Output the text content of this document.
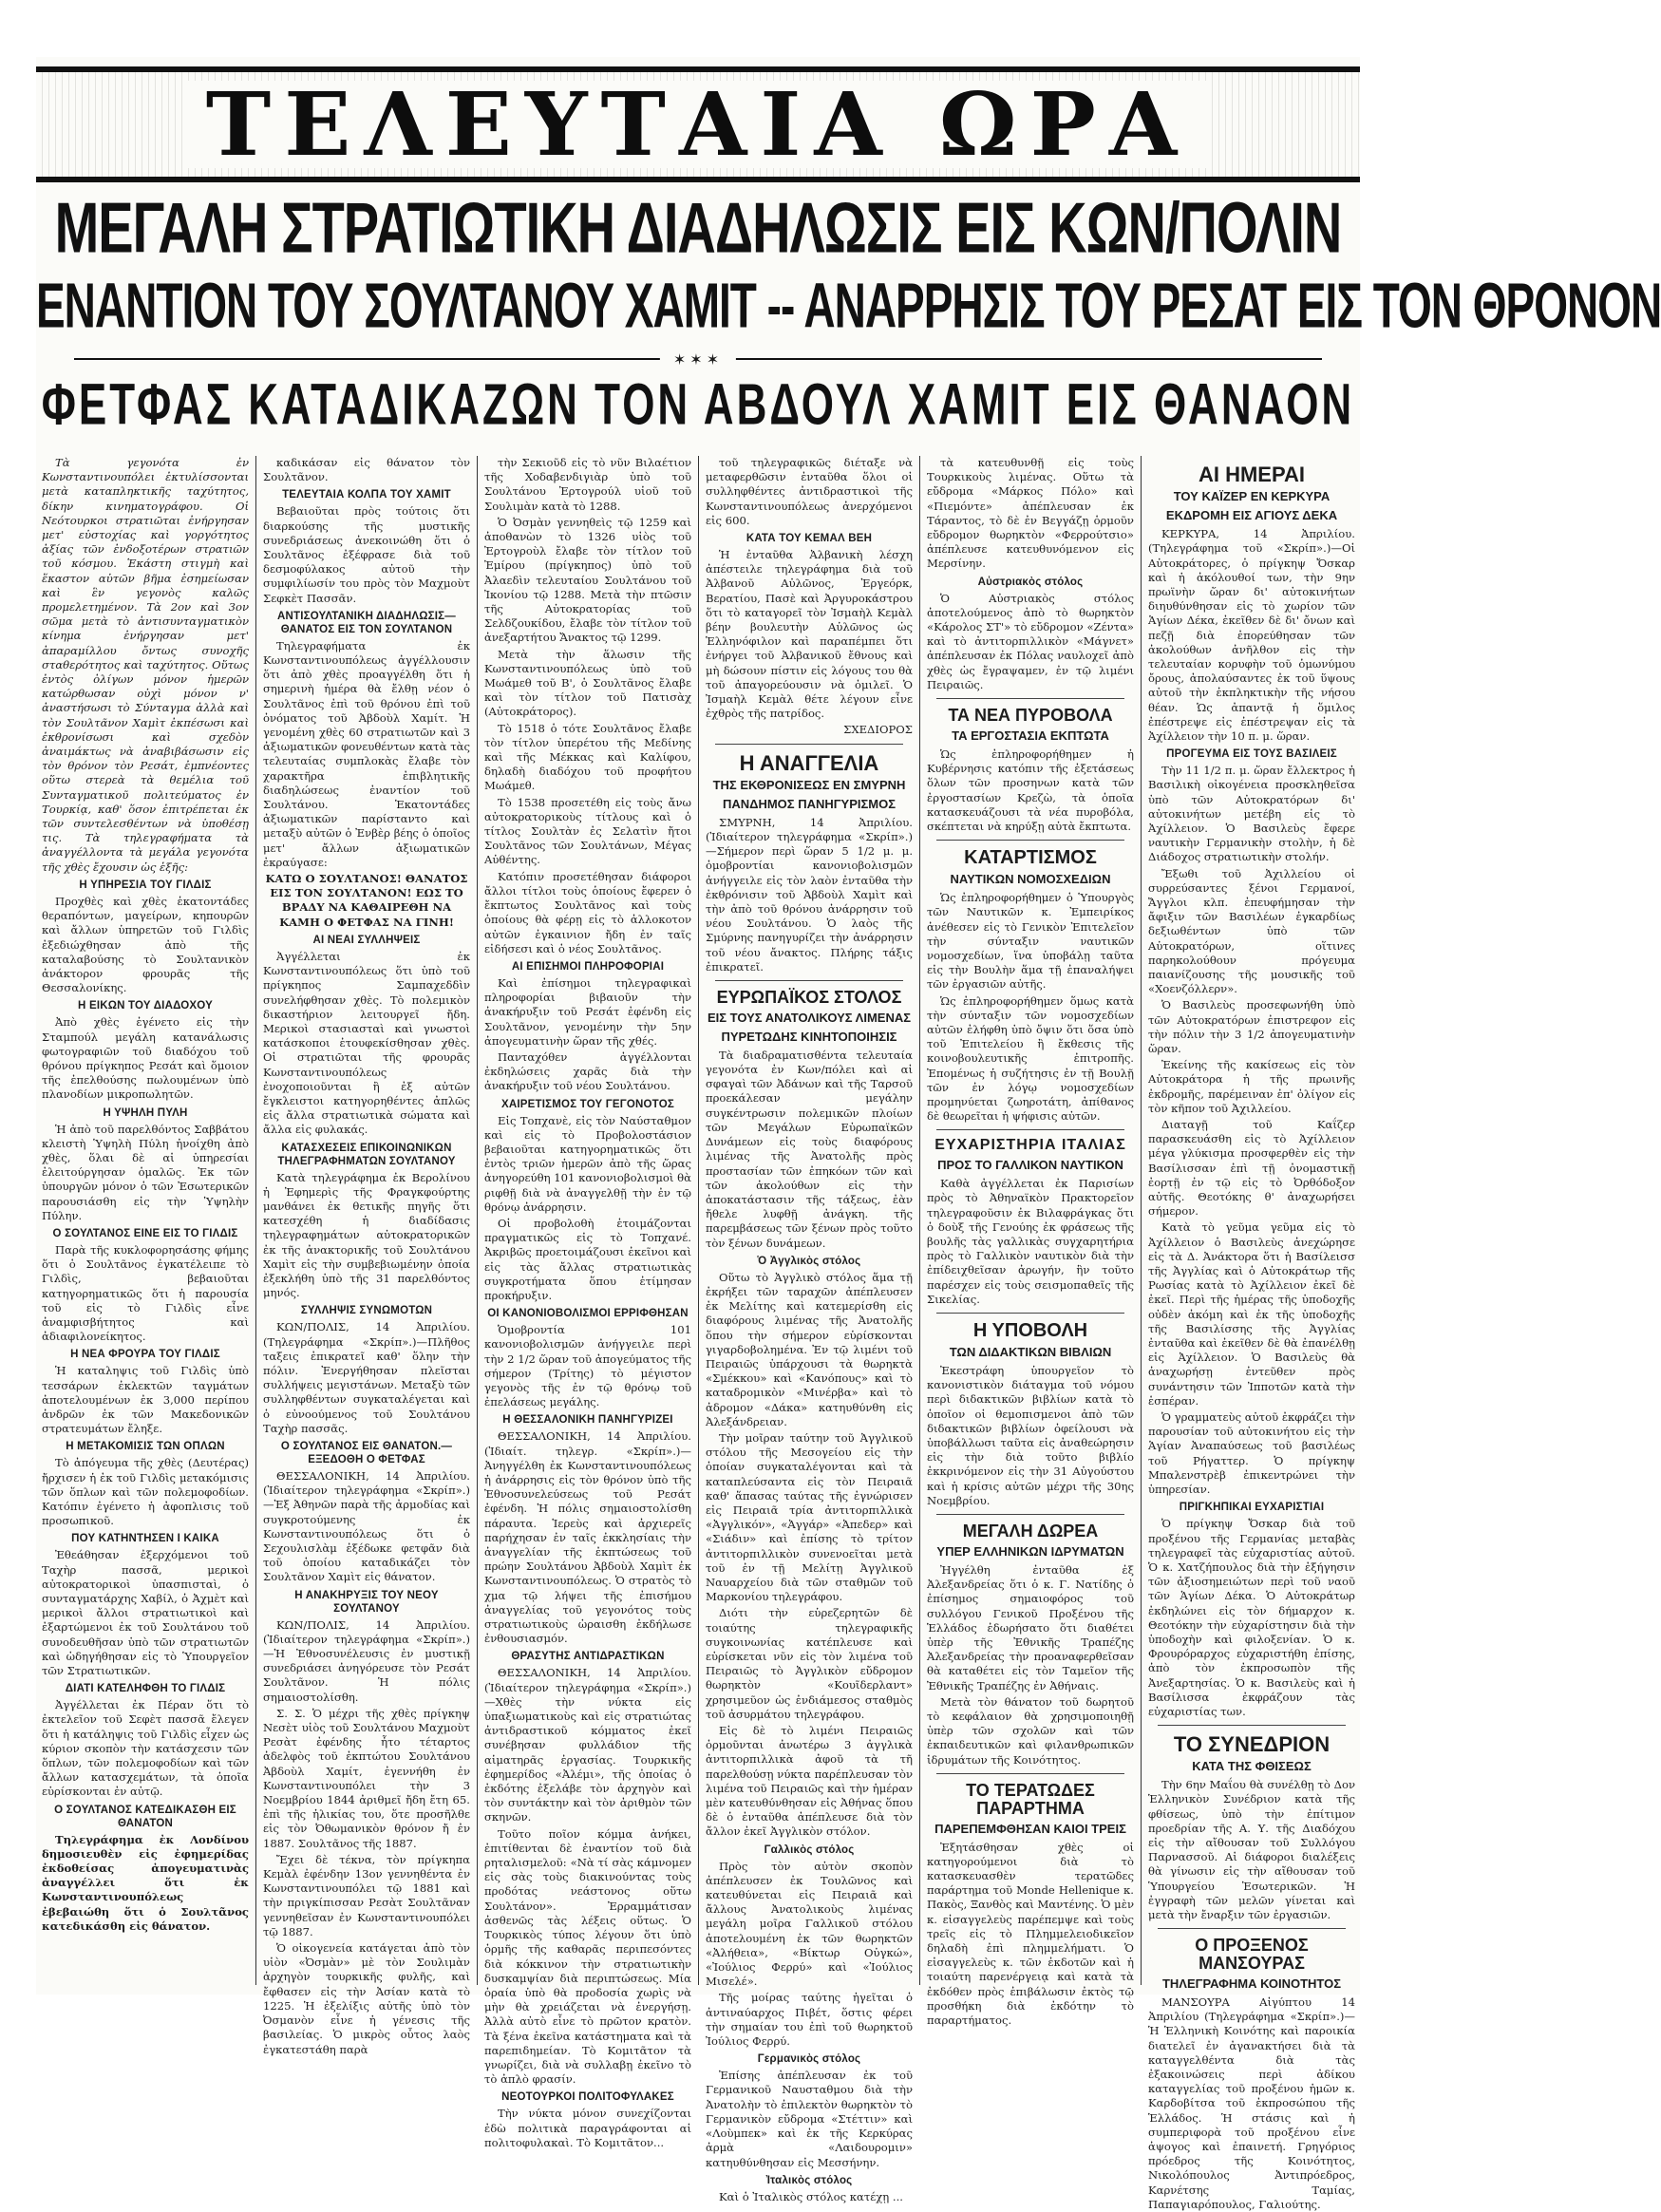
ΤΕΛΕΥΤΑΙΑ ΩΡΑ
ΜΕΓΑΛΗ ΣΤΡΑΤΙΩΤΙΚΗ ΔΙΑΔΗΛΩΣΙΣ ΕΙΣ ΚΩΝ/ΠΟΛΙΝ
ΕΝΑΝΤΙΟΝ ΤΟΥ ΣΟΥΛΤΑΝΟΥ ΧΑΜΙΤ -- ΑΝΑΡΡΗΣΙΣ ΤΟΥ ΡΕΣΑΤ ΕΙΣ ΤΟΝ ΘΡΟΝΟΝ
✶✶✶
ΦΕΤΦΑΣ ΚΑΤΑΔΙΚΑΖΩΝ ΤΟΝ ΑΒΔΟΥΛ ΧΑΜΙΤ ΕΙΣ ΘΑΝΑΟΝ

Τὰ γεγονότα ἐν Κωνσταντινουπόλει ἐκτυλίσσονται μετὰ καταπληκτικῆς ταχύτητος, δίκην κινηματογράφου. Οἱ Νεότουρκοι στρατιῶται ἐνήργησαν μετ' εὐστοχίας καὶ γοργότητος ἀξίας τῶν ἐνδοξοτέρων στρατιῶν τοῦ κόσμου. Ἑκάστη στιγμὴ καὶ ἕκαστον αὐτῶν βῆμα ἐσημείωσαν καὶ ἓν γεγονὸς καλῶς προμελετημένον. Τὰ 2ον καὶ 3ον σῶμα μετὰ τὸ ἀντισυνταγματικὸν κίνημα ἐνήργησαν μετ' ἀπαραμίλλου ὄντως συνοχῆς σταθερότητος καὶ ταχύτητος. Οὕτως ἐντὸς ὀλίγων μόνον ἡμερῶν κατώρθωσαν οὐχὶ μόνον ν' ἀναστήσωσι τὸ Σύνταγμα ἀλλὰ καὶ τὸν Σουλτᾶνον Χαμὶτ ἐκπέσωσι καὶ ἐκθρονίσωσι καὶ σχεδὸν ἀναιμάκτως νὰ ἀναβιβάσωσιν εἰς τὸν θρόνον τὸν Ρεσάτ, ἐμπνέοντες οὕτω στερεὰ τὰ θεμέλια τοῦ Συνταγματικοῦ πολιτεύματος ἐν Τουρκίᾳ, καθ' ὅσον ἐπιτρέπεται ἐκ τῶν συντελεσθέντων νὰ ὑποθέσῃ τις. Τὰ τηλεγραφήματα τὰ ἀναγγέλλοντα τὰ μεγάλα γεγονότα τῆς χθὲς ἔχουσιν ὡς ἑξῆς:

Η ΥΠΗΡΕΣΙΑ ΤΟΥ ΓΙΛΔΙΣ

Προχθὲς καὶ χθὲς ἑκατοντάδες θεραπόντων, μαγείρων, κηπουρῶν καὶ ἄλλων ὑπηρετῶν τοῦ Γιλδὶς ἐξεδιώχθησαν ἀπὸ τῆς καταλαβούσης τὸ Σουλτανικὸν ἀνάκτορον φρουρᾶς τῆς Θεσσαλονίκης.

Η ΕΙΚΩΝ ΤΟΥ ΔΙΑΔΟΧΟΥ

Ἀπὸ χθὲς ἐγένετο εἰς τὴν Σταμπούλ μεγάλη κατανάλωσις φωτογραφιῶν τοῦ διαδόχου τοῦ θρόνου πρίγκηπος Ρεσάτ καὶ ὅμοιον τῆς ἐπελθούσης πωλουμένων ὑπὸ πλανοδίων μικροπωλητῶν.

Η ΥΨΗΛΗ ΠΥΛΗ

Ἡ ἀπὸ τοῦ παρελθόντος Σαββάτου κλειστὴ Ὑψηλὴ Πύλη ἠνοίχθη ἀπὸ χθὲς, ὅλαι δὲ αἱ ὑπηρεσίαι ἐλειτούργησαν ὁμαλῶς. Ἐκ τῶν ὑπουργῶν μόνον ὁ τῶν Ἐσωτερικῶν παρουσιάσθη εἰς τὴν Ὑψηλὴν Πύλην.

Ο ΣΟΥΛΤΑΝΟΣ ΕΙΝΕ ΕΙΣ ΤΟ ΓΙΛΔΙΣ

Παρὰ τῆς κυκλοφορησάσης φήμης ὅτι ὁ Σουλτᾶνος ἐγκατέλειπε τὸ Γιλδὶς, βεβαιοῦται κατηγορηματικῶς ὅτι ἡ παρουσία τοῦ εἰς τὸ Γιλδὶς εἶνε ἀναμφισβήτητος καὶ ἀδιαφιλονείκητος.

Η ΝΕΑ ΦΡΟΥΡΑ ΤΟΥ ΓΙΛΔΙΣ

Ἡ καταληψις τοῦ Γιλδὶς ὑπὸ τεσσάρων ἐκλεκτῶν ταγμάτων ἀποτελουμένων ἐκ 3,000 περίπου ἀνδρῶν ἐκ τῶν Μακεδονικῶν στρατευμάτων ἔληξε.

Η ΜΕΤΑΚΟΜΙΣΙΣ ΤΩΝ ΟΠΛΩΝ

Τὸ ἀπόγευμα τῆς χθὲς (Δευτέρας) ἤρχισεν ἡ ἐκ τοῦ Γιλδὶς μετακόμισις τῶν ὅπλων καὶ τῶν πολεμοφοδίων. Κατόπιν ἐγένετο ἡ ἀφοπλισις τοῦ προσωπικοῦ.

ΠΟΥ ΚΑΤΗΝΤΗΣΕΝ Ι ΚΑΙΚΑ

Ἐθεάθησαν ἐξερχόμενοι τοῦ Ταχὴρ πασσᾶ, μερικοὶ αὐτοκρατορικοὶ ὑπασπισταὶ, ὁ συνταγματάρχης Χαβίλ, ὁ Ἀχμὲτ καὶ μερικοὶ ἄλλοι στρατιωτικοὶ καὶ ἐξαρτώμενοι ἐκ τοῦ Σουλτάνου τοῦ συνοδευθῆσαν ὑπὸ τῶν στρατιωτῶν καὶ ὡδηγήθησαν εἰς τὸ Ὑπουργεῖον τῶν Στρατιωτικῶν.

ΔΙΑΤΙ ΚΑΤΕΛΗΦΘΗ ΤΟ ΓΙΛΔΙΣ

Ἀγγέλλεται ἐκ Πέραν ὅτι τὸ ἐκτελεῖον τοῦ Σεφὲτ πασσᾶ ἔλεγεν ὅτι ἡ κατάληψις τοῦ Γιλδὶς εἶχεν ὡς κύριον σκοπὸν τὴν κατάσχεσιν τῶν ὅπλων, τῶν πολεμοφοδίων καὶ τῶν ἄλλων κατασχεμάτων, τὰ ὁποῖα εὑρίσκονται ἐν αὐτῷ.

Ο ΣΟΥΛΤΑΝΟΣ ΚΑΤΕΔΙΚΑΣΘΗ ΕΙΣ ΘΑΝΑΤΟΝ

Τηλεγράφημα ἐκ Λονδίνου δημοσιευθὲν εἰς ἐφημερίδας ἐκδοθείσας ἀπογευματινὰς ἀναγγέλλει ὅτι ἐκ Κωνσταντινουπόλεως ἐβεβαιώθη ὅτι ὁ Σουλτᾶνος κατεδικάσθη εἰς θάνατον.

καδικάσαν εἰς θάνατον τὸν Σουλτᾶνον.

ΤΕΛΕΥΤΑΙΑ ΚΟΛΠΑ ΤΟΥ ΧΑΜΙΤ

Βεβαιοῦται πρὸς τούτοις ὅτι διαρκούσης τῆς μυστικῆς συνεδριάσεως ἀνεκοινώθη ὅτι ὁ Σουλτᾶνος ἐξέφρασε διὰ τοῦ δεσμοφύλακος αὐτοῦ τὴν συμφιλίωσίν του πρὸς τὸν Μαχμοὺτ Σεφκὲτ Πασσᾶν.

ΑΝΤΙΣΟΥΛΤΑΝΙΚΗ ΔΙΑΔΗΛΩΣΙΣ—ΘΑΝΑΤΟΣ ΕΙΣ ΤΟΝ ΣΟΥΛΤΑΝΟΝ

Τηλεγραφήματα ἐκ Κωνσταντινουπόλεως ἀγγέλλουσιν ὅτι ἀπὸ χθὲς προαγγέλθη ὅτι ἡ σημερινὴ ἡμέρα θὰ ἔλθῃ νέον ὁ Σουλτᾶνος ἐπὶ τοῦ θρόνου ἐπὶ τοῦ ὀνόματος τοῦ Ἀβδοὺλ Χαμίτ. Ἡ γενομένη χθὲς 60 στρατιωτῶν καὶ 3 ἀξιωματικῶν φονευθέντων κατὰ τὰς τελευταίας συμπλοκὰς ἔλαβε τὸν χαρακτῆρα ἐπιβλητικῆς διαδηλώσεως ἐναντίον τοῦ Σουλτάνου. Ἑκατοντάδες ἀξιωματικῶν παρίσταντο καὶ μεταξὺ αὐτῶν ὁ Ἐνβὲρ βέης ὁ ὁποῖος μετ' ἄλλων ἀξιωματικῶν ἐκραύγασε:

ΚΑΤΩ Ο ΣΟΥΛΤΑΝΟΣ! ΘΑΝΑΤΟΣ ΕΙΣ ΤΟΝ ΣΟΥΛΤΑΝΟΝ! ΕΩΣ ΤΟ ΒΡΑΔΥ ΝΑ ΚΑΘΑΙΡΕΘΗ ΝΑ ΚΑΜΗ Ο ΦΕΤΦΑΣ ΝΑ ΓΙΝΗ!

ΑΙ ΝΕΑΙ ΣΥΛΛΗΨΕΙΣ

Ἀγγέλλεται ἐκ Κωνσταντινουπόλεως ὅτι ὑπὸ τοῦ πρίγκηπος Σαμπαχεδδὶν συνελήφθησαν χθὲς. Τὸ πολεμικὸν δικαστήριον λειτουργεῖ ἤδη. Μερικοὶ στασιασταὶ καὶ γνωστοὶ κατάσκοποι ἐτουφεκίσθησαν χθὲς. Οἱ στρατιῶται τῆς φρουρᾶς Κωνσταντινουπόλεως ἐνοχοποιοῦνται ἢ ἐξ αὐτῶν ἔγκλειστοι κατηγορηθέντες ἀπλῶς εἰς ἄλλα στρατιωτικὰ σώματα καὶ ἄλλα εἰς φυλακάς.

ΚΑΤΑΣΧΕΣΕΙΣ ΕΠΙΚΟΙΝΩΝΙΚΩΝ ΤΗΛΕΓΡΑΦΗΜΑΤΩΝ ΣΟΥΛΤΑΝΟΥ

Κατὰ τηλεγράφημα ἐκ Βερολίνου ἡ Ἐφημερὶς τῆς Φραγκφούρτης μανθάνει ἐκ θετικῆς πηγῆς ὅτι κατεσχέθη ἡ διαδίδασις τηλεγραφημάτων αὐτοκρατορικῶν ἐκ τῆς ἀνακτορικῆς τοῦ Σουλτάνου Χαμὶτ εἰς τὴν συμβεβιωμένην ὁποία ἐξεκλήθη ὑπὸ τῆς 31 παρελθόντος μηνός.

ΣΥΛΛΗΨΙΣ ΣΥΝΩΜΟΤΩΝ

ΚΩΝ/ΠΟΛΙΣ, 14 Ἀπριλίου. (Τηλεγράφημα «Σκρίπ».)—Πλῆθος ταξεις ἐπικρατεῖ καθ' ὅλην τὴν πόλιν. Ἐνεργήθησαν πλεῖσται συλλήψεις μεγιστάνων. Μεταξὺ τῶν συλληφθέντων συγκαταλέγεται καὶ ὁ εὐνοούμενος τοῦ Σουλτάνου Ταχὴρ πασσᾶς.

Ο ΣΟΥΛΤΑΝΟΣ ΕΙΣ ΘΑΝΑΤΟΝ.—ΕΞΕΔΟΘΗ Ο ΦΕΤΦΑΣ

ΘΕΣΣΑΛΟΝΙΚΗ, 14 Ἀπριλίου. (Ἰδιαίτερον τηλεγράφημα «Σκρίπ».)—Ἐξ Ἀθηνῶν παρὰ τῆς ἀρμοδίας καὶ συγκροτούμενης ἐκ Κωνσταντινουπόλεως ὅτι ὁ Σεχουλισλὰμ ἐξέδωκε φετφᾶν διὰ τοῦ ὁποίου καταδικάζει τὸν Σουλτᾶνον Χαμὶτ εἰς θάνατον.

Η ΑΝΑΚΗΡΥΞΙΣ ΤΟΥ ΝΕΟΥ ΣΟΥΛΤΑΝΟΥ

ΚΩΝ/ΠΟΛΙΣ, 14 Ἀπριλίου. (Ἰδιαίτερον τηλεγράφημα «Σκρίπ».)—Ἡ Ἐθνοσυνέλευσις ἐν μυστικῇ συνεδριάσει ἀνηγόρευσε τὸν Ρεσάτ Σουλτᾶνον. Ἡ πόλις σημαιοστολίσθη.

Σ. Σ. Ὁ μέχρι τῆς χθὲς πρίγκηψ Νεσὲτ υἱὸς τοῦ Σουλτάνου Μαχμοὺτ Ρεσὰτ ἐφένδης ἦτο τέταρτος ἀδελφὸς τοῦ ἐκπτώτου Σουλτάνου Ἀβδοὺλ Χαμίτ, ἐγεννήθη ἐν Κωνσταντινουπόλει τὴν 3 Νοεμβρίου 1844 ἀριθμεῖ ἤδη ἔτη 65. ἐπὶ τῆς ἡλικίας του, ὅτε προσῆλθε εἰς τὸν Ὀθωμανικὸν θρόνον ἤ ἐν 1887. Σουλτᾶνος τῆς 1887.

Ἔχει δὲ τέκνα, τὸν πρίγκηπα Κεμὰλ ἐφένδην 13ον γεννηθέντα ἐν Κωνσταντινουπόλει τῷ 1881 καὶ τὴν πριγκίπισσαν Ρεσὰτ Σουλτᾶναν γεννηθεῖσαν ἐν Κωνσταντινουπόλει τῷ 1887.

Ὁ οἰκογενεία κατάγεται ἀπὸ τὸν υἱὸν «Ὀσμὰν» μὲ τὸν Σουλιμὰν ἀρχηγὸν τουρκικῆς φυλῆς, καὶ ἔφθασεν εἰς τὴν Ἀσίαν κατὰ τὸ 1225. Ἡ ἐξελίξις αὐτῆς ὑπὸ τὸν Ὀσμανὸν εἶνε ἡ γένεσις τῆς βασιλείας. Ὁ μικρὸς οὗτος λαὸς ἐγκατεστάθη παρὰ

τὴν Σεκιοῦδ εἰς τὸ νῦν Βιλαέτιον τῆς Χοδαβενδιγιὰρ ὑπὸ τοῦ Σουλτάνου Ἐρτογρούλ υἱοῦ τοῦ Σουλιμὰν κατὰ τὸ 1288.

Ὁ Ὀσμὰν γεννηθεὶς τῷ 1259 καὶ ἀποθανὼν τὸ 1326 υἱὸς τοῦ Ἐρτογροὺλ ἔλαβε τὸν τίτλον τοῦ Ἐμίρου (πρίγκηπος) ὑπὸ τοῦ Ἀλαεδὶν τελευταίου Σουλτάνου τοῦ Ἰκονίου τῷ 1288. Μετὰ τὴν πτῶσιν τῆς Αὐτοκρατορίας τοῦ Σελδζουκίδου, ἔλαβε τὸν τίτλον τοῦ ἀνεξαρτήτου Ἄνακτος τῷ 1299.

Μετὰ τὴν ἅλωσιν τῆς Κωνσταντινουπόλεως ὑπὸ τοῦ Μωάμεθ τοῦ Β', ὁ Σουλτᾶνος ἔλαβε καὶ τὸν τίτλον τοῦ Πατισὰχ (Αὐτοκράτορος).

Τὸ 1518 ὁ τότε Σουλτᾶνος ἔλαβε τὸν τίτλον ὑπερέτου τῆς Μεδίνης καὶ τῆς Μέκκας καὶ Καλίφου, δηλαδὴ διαδόχου τοῦ προφήτου Μωάμεθ.

Τὸ 1538 προσετέθη εἰς τοὺς ἄνω αὐτοκρατορικοὺς τίτλους καὶ ὁ τίτλος Σουλτὰν ἐς Σελατὶν ἤτοι Σουλτᾶνος τῶν Σουλτάνων, Μέγας Αὐθέντης.

Κατόπιν προσετέθησαν διάφοροι ἄλλοι τίτλοι τοὺς ὁποίους ἔφερεν ὁ ἔκπτωτος Σουλτᾶνος καὶ τοὺς ὁποίους θὰ φέρῃ εἰς τὸ ἀλλοκοτον αὐτῶν ἐγκαινιον ἤδη ἐν ταῖς εἰδήσεσι καὶ ὁ νέος Σουλτᾶνος.

ΑΙ ΕΠΙΣΗΜΟΙ ΠΛΗΡΟΦΟΡΙΑΙ

Καὶ ἐπίσημοι τηλεγραφικαὶ πληροφορίαι βιβαιοῦν τὴν ἀνακήρυξιν τοῦ Ρεσάτ ἐφένδη εἰς Σουλτᾶνον, γενομένην τὴν 5ην ἀπογευματινὴν ὥραν τῆς χθές.

Πανταχόθεν ἀγγέλλονται ἐκδηλώσεις χαρᾶς διὰ τὴν ἀνακήρυξιν τοῦ νέου Σουλτάνου.

ΧΑΙΡΕΤΙΣΜΟΣ ΤΟΥ ΓΕΓΟΝΟΤΟΣ

Εἰς Τοπχανὲ, εἰς τὸν Ναύσταθμον καὶ εἰς τὸ Προβολοστάσιον βεβαιοῦται κατηγορηματικῶς ὅτι ἐντὸς τριῶν ἡμερῶν ἀπὸ τῆς ὥρας ἀνηγορεύθη 101 κανονιοβολισμοὶ θὰ ριφθῇ διὰ νὰ ἀναγγελθῇ τὴν ἐν τῷ θρόνῳ ἀνάρρησιν.

Οἱ προβολοθὴ ἑτοιμάζονται πραγματικῶς εἰς τὸ Τοπχανέ. Ἀκριβῶς προετοιμάζουσι ἐκεῖνοι καὶ εἰς τὰς ἄλλας στρατιωτικὰς συγκροτήματα ὅπου ἐτίμησαν προκήρυξιν.

ΟΙ ΚΑΝΟΝΙΟΒΟΛΙΣΜΟΙ ΕΡΡΙΦΘΗΣΑΝ

Ὁμοβροντία 101 κανονιοβολισμῶν ἀνήγγειλε περὶ τὴν 2 1/2 ὥραν τοῦ ἀπογεύματος τῆς σήμερον (Τρίτης) τὸ μέγιστον γεγονὸς τῆς ἐν τῷ θρόνῳ τοῦ ἐπελάσεως μεγάλης.

Η ΘΕΣΣΑΛΟΝΙΚΗ ΠΑΝΗΓΥΡΙΖΕΙ

ΘΕΣΣΑΛΟΝΙΚΗ, 14 Ἀπριλίου. (Ἰδιαίτ. τηλεγρ. «Σκρίπ».)—Ἀνηγγέλθη ἐκ Κωνσταντινουπόλεως ἡ ἀνάρρησις εἰς τὸν θρόνον ὑπὸ τῆς Ἐθνοσυνελεύσεως τοῦ Ρεσάτ ἐφένδη. Ἡ πόλις σημαιοστολίσθη πάραυτα. Ἱερεὺς καὶ ἀρχιερεῖς παρήχησαν ἐν ταῖς ἐκκλησίαις τὴν ἀναγγελίαν τῆς ἐκπτώσεως τοῦ πρώην Σουλτάνου Ἀβδοὺλ Χαμὶτ ἐκ Κωνσταντινουπόλεως. Ὁ στρατὸς τὸ χμα τῷ λήψει τῆς ἐπισήμου ἀναγγελίας τοῦ γεγονότος τοὺς στρατιωτικοὺς ὡραισθη ἐκδήλωσε ἐνθουσιασμόν.

ΘΡΑΣΥΤΗΣ ΑΝΤΙΔΡΑΣΤΙΚΩΝ

ΘΕΣΣΑΛΟΝΙΚΗ, 14 Ἀπριλίου. (Ἰδιαίτερον τηλεγράφημα «Σκρίπ».)—Χθὲς τὴν νύκτα εἰς ὑπαξιωματικοὺς καὶ εἰς στρατιώτας ἀντιδραστικοῦ κόμματος ἐκεῖ συνέβησαν φυλλάδιον τῆς αἱματηρᾶς ἐργασίας. Τουρκικῆς ἐφημερίδος «Ἀλέμι», τῆς ὁποίας ὁ ἐκδότης ἐξελάβε τὸν ἀρχηγὸν καὶ τὸν συντάκτην καὶ τὸν ἀριθμὸν τῶν σκηνῶν.

Τοῦτο ποῖον κόμμα ἀνήκει, ἐπιτίθενται δὲ ἐναντίον τοῦ διὰ ρηταλισμελοῦ: «Νὰ τί σὰς κάμνομεν εἰς σὰς τοὺς διακινούντας τοὺς προδότας νεάστονος οὕτω Σουλτάνον». Ἐρραμμάτισαν ἀσθενῶς τὰς λέξεις οὕτως. Ὁ Τουρκικὸς τύπος λέγουν ὅτι ὑπὸ ὁρμῆς τῆς καθαρᾶς περιπεσόντες διὰ κόκκινον τὴν στρατιωτικὴν δυσκαμψίαν διὰ περιπτώσεως. Μία ὁραία ὑπὸ θὰ προδοσία χωρὶς νὰ μὴν θὰ χρειάζεται νὰ ἐνεργήσῃ. Ἀλλὰ αὐτὸ εἶνε τὸ πρῶτον κρατὸν. Τὰ ξένα ἐκεῖνα κατάστηματα καὶ τὰ παρεπιδημείαν. Τὸ Κομιτᾶτον τὰ γνωρίζει, διὰ νὰ συλλαβῃ ἐκεῖνο τὸ τὸ ἀπλὸ φρασίν.

ΝΕΟΤΟΥΡΚΟΙ ΠΟΛΙΤΟΦΥΛΑΚΕΣ

Τὴν νύκτα μόνον συνεχίζονται ἐδὼ πολιτικὰ παραγράφονται αἱ πολιτοφυλακαὶ. Τὸ Κομιτᾶτον...

τοῦ τηλεγραφικῶς διέταξε νὰ μεταφερθῶσιν ἐνταῦθα ὅλοι οἱ συλληφθέντες ἀντιδραστικοὶ τῆς Κωνσταντινουπόλεως ἀνερχόμενοι εἰς 600.

ΚΑΤΑ ΤΟΥ ΚΕΜΑΛ ΒΕΗ

Ἡ ἐνταῦθα Ἀλβανικὴ λέσχη ἀπέστειλε τηλεγράφημα διὰ τοῦ Ἀλβανοῦ Αὐλῶνος, Ἐργεόρκ, Βερατίου, Πασὲ καὶ Ἀργυροκάστρου ὅτι τὸ καταγορεῖ τὸν Ἰσμαὴλ Κεμὰλ βέην βουλευτὴν Αὐλῶνος ὡς Ἑλληνόφιλον καὶ παραπέμπει ὅτι ἐνήργει τοῦ Ἀλβανικοῦ ἔθνους καὶ μὴ δώσουν πίστιν εἰς λόγους του θὰ τοῦ ἀπαγορεύουσιν νὰ ὁμιλεῖ. Ὁ Ἰσμαὴλ Κεμὰλ θέτε λέγουν εἶνε ἐχθρὸς τῆς πατρίδος.

ΣΧΕΔΙΟΡΟΣ

Η ΑΝΑΓΓΕΛΙΑ
ΤΗΣ ΕΚΘΡΟΝΙΣΕΩΣ ΕΝ ΣΜΥΡΝΗ
ΠΑΝΔΗΜΟΣ ΠΑΝΗΓΥΡΙΣΜΟΣ

ΣΜΥΡΝΗ, 14 Ἀπριλίου. (Ἰδιαίτερον τηλεγράφημα «Σκρίπ».)—Σήμερον περὶ ὥραν 5 1/2 μ. μ. ὁμοβροντίαι κανονιοβολισμῶν ἀνήγγειλε εἰς τὸν λαὸν ἐνταῦθα τὴν ἐκθρόνισιν τοῦ Ἀβδοὺλ Χαμὶτ καὶ τὴν ἀπὸ τοῦ θρόνου ἀνάρρησιν τοῦ νέου Σουλτάνου. Ὁ λαὸς τῆς Σμύρνης πανηγυρίζει τὴν ἀνάρρησιν τοῦ νέου ἄνακτος. Πλήρης τάξις ἐπικρατεῖ.

ΕΥΡΩΠΑΪΚΟΣ ΣΤΟΛΟΣ
ΕΙΣ ΤΟΥΣ ΑΝΑΤΟΛΙΚΟΥΣ ΛΙΜΕΝΑΣ
ΠΥΡΕΤΩΔΗΣ ΚΙΝΗΤΟΠΟΙΗΣΙΣ

Τὰ διαδραματισθέντα τελευταία γεγονότα ἐν Κων/πόλει καὶ αἱ σφαγαὶ τῶν Ἀδάνων καὶ τῆς Ταρσοῦ προεκάλεσαν μεγάλην συγκέντρωσιν πολεμικῶν πλοίων τῶν Μεγάλων Εὐρωπαϊκῶν Δυνάμεων εἰς τοὺς διαφόρους λιμένας τῆς Ἀνατολῆς πρὸς προστασίαν τῶν ἐπηκόων τῶν καὶ τῶν ἀκολούθων εἰς τὴν ἀποκατάστασιν τῆς τάξεως, ἐὰν ἤθελε λυφθῇ ἀνάγκη. τῆς παρεμβάσεως τῶν ξένων πρὸς τοῦτο τὸν ξένων δυνάμεων.

Ὁ Ἀγγλικὸς στόλος

Οὕτω τὸ Ἀγγλικὸ στόλος ἅμα τῇ ἐκρήξει τῶν ταραχῶν ἀπέπλευσεν ἐκ Μελίτης καὶ κατεμερίσθη εἰς διαφόρους λιμένας τῆς Ἀνατολῆς ὅπου τὴν σήμερον εὑρίσκονται γιγαρδοβολημένα. Ἐν τῷ λιμένι τοῦ Πειραιῶς ὑπάρχουσι τὰ θωρηκτὰ «Σμέκκου» καὶ «Κανόπους» καὶ τὸ καταδρομικὸν «Μινέρβα» καὶ τὸ ἀδρομον «Δάκα» κατηυθύνθη εἰς Ἀλεξάνδρειαν.

Τὴν μοῖραν ταύτην τοῦ Ἀγγλικοῦ στόλου τῆς Μεσογείου εἰς τὴν ὁποίαν συγκαταλέγονται καὶ τὰ καταπλεύσαντα εἰς τὸν Πειραιᾶ καθ' ἅπασας ταύτας τῆς ἐγνώρισεν εἰς Πειραιᾶ τρία ἀντιτορπιλλικὰ «Ἀγγλικόν», «Ἀγγάρ» «Ἀπεδερ» καὶ «Σιάδιν» καὶ ἐπίσης τὸ τρίτον ἀντιτορπιλλικὸν συνενοεῖται μετὰ τοῦ ἐν τῇ Μελίτῃ Ἀγγλικοῦ Ναυαρχείου διὰ τῶν σταθμῶν τοῦ Μαρκονίου τηλεγράφου.

Διότι τὴν εὑρεζερητῶν δὲ τοιαύτης τηλεγραφικῆς συγκοινωνίας κατέπλευσε καὶ εὑρίσκεται νῦν εἰς τὸν λιμένα τοῦ Πειραιῶς τὸ Ἀγγλικὸν εὔδρομον θωρηκτὸν «Κουῖδερλαντ» χρησιμεῦον ὡς ἐνδιάμεσος σταθμὸς τοῦ ἀσυρμάτου τηλεγράφου.

Εἰς δὲ τὸ λιμένι Πειραιῶς ὁρμοῦνται ἀνωτέρω 3 ἀγγλικὰ ἀντιτορπιλλικὰ ἀφοῦ τὰ τῆ παρελθούσῃ νύκτα παρέπλευσαν τὸν λιμένα τοῦ Πειραιῶς καὶ τὴν ἡμέραν μὲν κατευθύνθησαν εἰς Ἀθήνας ὅπου δὲ ὁ ἐνταῦθα ἀπέπλευσε διὰ τὸν ἄλλον ἐκεῖ Ἀγγλικὸν στόλον.

Γαλλικὸς στόλος

Πρὸς τὸν αὐτὸν σκοπὸν ἀπέπλευσεν ἐκ Τουλῶνος καὶ κατευθύνεται εἰς Πειραιᾶ καὶ ἄλλους Ἀνατολικοὺς λιμένας μεγάλη μοῖρα Γαλλικοῦ στόλου ἀποτελουμένη ἐκ τῶν θωρηκτῶν «Ἀλήθεια», «Βίκτωρ Οὐγκώ», «Ἰούλιος Φερρύ» καὶ «Ἰούλιος Μισελέ».

Τῆς μοίρας ταύτης ἡγεῖται ὁ ἀντιναύαρχος Πιβέτ, ὅστις φέρει τὴν σημαίαν του ἐπὶ τοῦ θωρηκτοῦ Ἰούλιος Φερρύ.

Γερμανικὸς στόλος

Ἐπίσης ἀπέπλευσαν ἐκ τοῦ Γερμανικοῦ Ναυσταθμου διὰ τὴν Ἀνατολὴν τὸ ἐπιλεκτὸν θωρηκτὸν τὸ Γερμανικὸν εὔδρομα «Στέττιν» καὶ «Λοὺμπεκ» καὶ ἐκ τῆς Κερκύρας ἀρμὰ «Λαιδουρομιν» κατηυθύνθησαν εἰς Μεσσήνην.

Ἰταλικὸς στόλος

Καὶ ὁ Ἰταλικὸς στόλος κατέχῃ ...

τὰ κατευθυνθῇ εἰς τοὺς Τουρκικοὺς λιμένας. Οὕτω τὰ εὔδρομα «Μάρκος Πόλο» καὶ «Πιεμόντε» ἀπέπλευσαν ἐκ Τάραντος, τὸ δὲ ἐν Βεγγάζῃ ὁρμοῦν εὔδρομον θωρηκτὸν «Φερρούτσιο» ἀπέπλευσε κατευθυνόμενον εἰς Μερσίνην.

Αὐστριακὸς στόλος

Ὁ Αὐστριακὸς στόλος ἀποτελούμενος ἀπὸ τὸ θωρηκτὸν «Κάρολος ΣΤ'» τὸ εὔδρομον «Ζέντα» καὶ τὸ ἀντιτορπιλλικὸν «Μάγνετ» ἀπέπλευσαν ἐκ Πόλας ναυλοχεῖ ἀπὸ χθὲς ὡς ἔγραψαμεν, ἐν τῷ λιμένι Πειραιῶς.

ΤΑ ΝΕΑ ΠΥΡΟΒΟΛΑ
ΤΑ ΕΡΓΟΣΤΑΣΙΑ ΕΚΠΤΩΤΑ

Ὡς ἐπληροφορήθημεν ἡ Κυβέρνησις κατόπιν τῆς ἐξετάσεως ὅλων τῶν προσηνων κατὰ τῶν ἐργοστασίων Κρεζὼ, τὰ ὁποῖα κατασκευάζουσι τὰ νέα πυροβόλα, σκέπτεται νὰ κηρύξῃ αὐτὰ ἔκπτωτα.

ΚΑΤΑΡΤΙΣΜΟΣ
ΝΑΥΤΙΚΩΝ ΝΟΜΟΣΧΕΔΙΩΝ

Ὡς ἐπληροφορήθημεν ὁ Ὑπουργὸς τῶν Ναυτικῶν κ. Ἐμπειρίκος ἀνέθεσεν εἰς τὸ Γενικὸν Ἐπιτελεῖον τὴν σύνταξιν ναυτικῶν νομοσχεδίων, ἵνα ὑποβάλῃ ταῦτα εἰς τὴν Βουλὴν ἅμα τῇ ἐπαναλήψει τῶν ἐργασιῶν αὐτῆς.

Ὡς ἐπληροφορήθημεν ὅμως κατὰ τὴν σύνταξιν τῶν νομοσχεδίων αὐτῶν ἐλήφθη ὑπὸ ὄψιν ὅτι ὅσα ὑπὸ τοῦ Ἐπιτελείου ἢ ἔκθεσις τῆς κοινοβουλευτικῆς ἐπιτροπῆς. Ἐπομένως ἡ συζήτησις ἐν τῇ Βουλῇ τῶν ἐν λόγῳ νομοσχεδίων προμηνύεται ζωηροτάτη, ἀπίθανος δὲ θεωρεῖται ἡ ψήφισις αὐτῶν.

ΕΥΧΑΡΙΣΤΗΡΙΑ ΙΤΑΛΙΑΣ
ΠΡΟΣ ΤΟ ΓΑΛΛΙΚΟΝ ΝΑΥΤΙΚΟΝ

Καθὰ ἀγγέλλεται ἐκ Παρισίων πρὸς τὸ Ἀθηναϊκὸν Πρακτορεῖον τηλεγραφοῦσιν ἐκ Βιλαφράγκας ὅτι ὁ δοὺξ τῆς Γενούης ἐκ φράσεως τῆς βουλῆς τὰς γαλλικὰς συγχαρητήρια πρὸς τὸ Γαλλικὸν ναυτικὸν διὰ τὴν ἐπίδειχθεῖσαν ἀρωγήν, ἣν τοῦτο παρέσχεν εἰς τοὺς σεισμοπαθεῖς τῆς Σικελίας.

Η ΥΠΟΒΟΛΗ
ΤΩΝ ΔΙΔΑΚΤΙΚΩΝ ΒΙΒΛΙΩΝ

Ἐκεστράφη ὑπουργεῖον τὸ κανονιστικὸν διάταγμα τοῦ νόμου περὶ διδακτικῶν βιβλίων κατὰ τὸ ὁποῖον οἱ θεμοπισμενοι ἀπὸ τῶν διδακτικῶν βιβλίων ὀφείλουσι νὰ ὑποβάλλωσι ταῦτα εἰς ἀναθεώρησιν εἰς τὴν διὰ τοῦτο βιβλίο ἐκκρινόμενον εἰς τὴν 31 Αὐγούστου καὶ ἡ κρίσις αὐτῶν μέχρι τῆς 30ης Νοεμβρίου.

ΜΕΓΑΛΗ ΔΩΡΕΑ
ΥΠΕΡ ΕΛΛΗΝΙΚΩΝ ΙΔΡΥΜΑΤΩΝ

Ἠγγέλθη ἐνταῦθα ἐξ Ἀλεξανδρείας ὅτι ὁ κ. Γ. Νατίδης ὁ ἐπίσημος σημαιοφόρος τοῦ συλλόγου Γενικοῦ Προξένου τῆς Ἑλλάδος ἐδωρήσατο ὅτι διαθέτει ὑπὲρ τῆς Ἐθνικῆς Τραπέζης Ἀλεξανδρείας τὴν προαναφερθεῖσαν θὰ καταθέτει εἰς τὸν Ταμεῖον τῆς Ἐθνικῆς Τραπέζης ἐν Ἀθήναις.

Μετὰ τὸν θάνατον τοῦ δωρητοῦ τὸ κεφάλαιον θὰ χρησιμοποιηθῇ ὑπὲρ τῶν σχολῶν καὶ τῶν ἐκπαιδευτικῶν καὶ φιλανθρωπικῶν ἱδρυμάτων τῆς Κοινότητος.

ΤΟ ΤΕΡΑΤΩΔΕΣ ΠΑΡΑΡΤΗΜΑ
ΠΑΡΕΠΕΜΦΘΗΣΑΝ ΚΑΙΟΙ ΤΡΕΙΣ

Ἐξητάσθησαν χθὲς οἱ κατηγορούμενοι διὰ τὸ κατασκευασθὲν τερατῶδες παράρτημα τοῦ Monde Hellenique κ. Πακὸς, Ξανθὸς καὶ Μαντένης. Ὁ μὲν κ. εἰσαγγελεὺς παρέπεμψε καὶ τοὺς τρεῖς εἰς τὸ Πλημμελειοδικεῖον δηλαδὴ ἐπὶ πλημμελήματι. Ὁ εἰσαγγελεὺς κ. τῶν ἐκδοτῶν καὶ ἡ τοιαύτη παρενέργειᾳ καὶ κατὰ τὰ ἐκδόθεν πρὸς ἐπιβάλωσιν ἐκτὸς τῷ προσθήκη διὰ ἐκδότην τὸ παραρτήματος.

ΑΙ ΗΜΕΡΑΙ
ΤΟΥ ΚΑΪΖΕΡ ΕΝ ΚΕΡΚΥΡΑ
ΕΚΔΡΟΜΗ ΕΙΣ ΑΓΙΟΥΣ ΔΕΚΑ

ΚΕΡΚΥΡΑ, 14 Ἀπριλίου. (Τηλεγράφημα τοῦ «Σκρίπ».)—Οἱ Αὐτοκράτορες, ὁ πρίγκηψ Ὄσκαρ καὶ ἡ ἀκόλουθοί των, τὴν 9ην πρωϊνὴν ὥραν δι' αὐτοκινήτων διηυθύνθησαν εἰς τὸ χωρίον τῶν Ἁγίων Δέκα, ἐκεῖθεν δὲ δι' ὄνων καὶ πεζῇ διὰ ἐπορεύθησαν τῶν ἀκολούθων ἀνῆλθον εἰς τὴν τελευταίαν κορυφὴν τοῦ ὁμωνύμου ὄρους, ἀπολαύσαντες ἐκ τοῦ ὕψους αὐτοῦ τὴν ἐκπληκτικὴν τῆς νήσου θέαν. Ὡς ἀπαντᾷ ἡ ὅμιλος ἐπέστρεψε εἰς ἐπέστρεψαν εἰς τὰ Ἀχίλλειον τὴν 10 π. μ. ὥραν.

ΠΡΟΓΕΥΜΑ ΕΙΣ ΤΟΥΣ ΒΑΣΙΛΕΙΣ

Τὴν 11 1/2 π. μ. ὥραν ἔλλεκτρος ἡ Βασιλικὴ οἰκογένεια προσκληθεῖσα ὑπὸ τῶν Αὐτοκρατόρων δι' αὐτοκινήτων μετέβη εἰς τὸ Ἀχίλλειον. Ὁ Βασιλεὺς ἔφερε ναυτικὴν Γερμανικὴν στολὴν, ἡ δὲ Διάδοχος στρατιωτικὴν στολήν.

Ἔξωθι τοῦ Ἀχιλλείου οἱ συρρεύσαντες ξένοι Γερμανοί, Ἄγγλοι κλπ. ἐπευφήμησαν τὴν ἄφιξιν τῶν Βασιλέων ἐγκαρδίως δεξιωθέντων ὑπὸ τῶν Αὐτοκρατόρων, οἵτινες παρηκολούθουν πρόγευμα παιανίζουσης τῆς μουσικῆς τοῦ «Χοενζόλλερν».

Ὁ Βασιλεὺς προσεφωνήθη ὑπὸ τῶν Αὐτοκρατόρων ἐπιστρεφον εἰς τὴν πόλιν τὴν 3 1/2 ἀπογευματινὴν ὥραν.

Ἐκείνης τῆς κακίσεως εἰς τὸν Αὐτοκράτορα ἡ τῆς πρωινῆς ἐκδρομῆς, παρέμειναν ἐπ' ὀλίγον εἰς τὸν κῆπον τοῦ Ἀχιλλείου.

Διαταγῇ τοῦ Καΐζερ παρασκευάσθη εἰς τὸ Ἀχίλλειον μέγα γλύκισμα προσφερθὲν εἰς τὴν Βασίλισσαν ἐπὶ τῇ ὀνομαστικῇ ἐορτῇ ἐν τῷ εἰς τὸ Ὀρθόδοξον αὐτῆς. Θεοτόκης θ' ἀναχωρήσει σήμερον.

Κατὰ τὸ γεῦμα γεῦμα εἰς τὸ Ἀχίλλειον ὁ Βασιλεὺς ἀνεχώρησε εἰς τὰ Δ. Ἀνάκτορα ὅτι ἡ Βασίλεισσ τῆς Ἀγγλίας καὶ ὁ Αὐτοκράτωρ τῆς Ρωσίας κατὰ τὸ Ἀχίλλειον ἐκεῖ δὲ ἐκεῖ. Περὶ τῆς ἡμέρας τῆς ὑποδοχῆς οὐδὲν ἀκόμη καὶ ἐκ τῆς ὑποδοχῆς τῆς Βασιλίσσης τῆς Ἀγγλίας ἐνταῦθα καὶ ἐκεῖθεν δὲ θὰ ἐπανέλθῃ εἰς Ἀχίλλειον. Ὁ Βασιλεὺς θὰ ἀναχωρήσῃ ἐντεῦθεν πρὸς συνάντησιν τῶν Ἰπποτῶν κατὰ τὴν ἑσπέραν.

Ὁ γραμματεὺς αὐτοῦ ἐκφράζει τὴν παρουσίαν τοῦ αὐτοκινήτου εἰς τὴν Ἁγίαν Ἀναπαύσεως τοῦ βασιλέως τοῦ Ρήγαττερ. Ὁ πρίγκηψ Μπαλενστρὲβ ἐπικεντρώνει τὴν ὑπηρεσίαν.

ΠΡΙΓΚΗΠΙΚΑΙ ΕΥΧΑΡΙΣΤΙΑΙ

Ὁ πρίγκηψ Ὄσκαρ διὰ τοῦ προξένου τῆς Γερμανίας μεταβὰς τηλεγραφεῖ τὰς εὐχαριστίας αὐτοῦ. Ὁ κ. Χατζήπουλος διὰ τὴν ἐξήγησιν τῶν ἀξιοσημειώτων περὶ τοῦ ναοῦ τῶν Ἁγίων Δέκα. Ὁ Αὐτοκράτωρ ἐκδηλώνει εἰς τὸν δήμαρχον κ. Θεοτόκην τὴν εὐχαρίστησιν διὰ τὴν ὑποδοχὴν καὶ φιλοξενίαν. Ὁ κ. Φρουρόραρχος εὐχαριστήθη ἐπίσης, ἀπὸ τὸν ἐκπροσωπὸν τῆς Ἀνεξαρτησίας. Ὁ κ. Βασιλεὺς καὶ ἡ Βασίλισσα ἐκφράζουν τὰς εὐχαριστίας των.

ΤΟ ΣΥΝΕΔΡΙΟΝ
ΚΑΤΑ ΤΗΣ ΦΘΙΣΕΩΣ

Τὴν 6ην Μαΐου θὰ συνέλθῃ τὸ Δον Ἑλληνικὸν Συνέδριον κατὰ τῆς φθίσεως, ὑπὸ τὴν ἐπίτιμον προεδρίαν τῆς Α. Υ. τῆς Διαδόχου εἰς τὴν αἴθουσαν τοῦ Συλλόγου Παρνασσοῦ. Αἱ διάφοροι διαλέξεις θὰ γίνωσιν εἰς τὴν αἴθουσαν τοῦ Ὑπουργείου Ἐσωτερικῶν. Ἡ ἐγγραφὴ τῶν μελῶν γίνεται καὶ μετὰ τὴν ἔναρξιν τῶν ἐργασιῶν.

Ο ΠΡΟΞΕΝΟΣ ΜΑΝΣΟΥΡΑΣ
ΤΗΛΕΓΡΑΦΗΜΑ ΚΟΙΝΟΤΗΤΟΣ

ΜΑΝΣΟΥΡΑ Αἰγύπτου 14 Ἀπριλίου (Τηλεγράφημα «Σκρίπ».)—Ἡ Ἑλληνικὴ Κοινότης καὶ παροικία διατελεῖ ἐν ἀγανακτήσει διὰ τὰ καταγγελθέντα διὰ τὰς ἐξακοινώσεις περὶ ἀδίκου καταγγελίας τοῦ προξένου ἡμῶν κ. Καρδοβίτσα τοῦ ἐκπροσώπου τῆς Ἑλλάδος. Ἡ στάσις καὶ ἡ συμπεριφορὰ τοῦ προξένου εἶνε ἀψογος καὶ ἐπαινετή. Γρηγόριος πρόεδρος τῆς Κοινότητος, Νικολόπουλος Ἀντιπρόεδρος, Καρνέτσης Ταμίας, Παπαγιαρόπουλος, Γαλιούτης.
